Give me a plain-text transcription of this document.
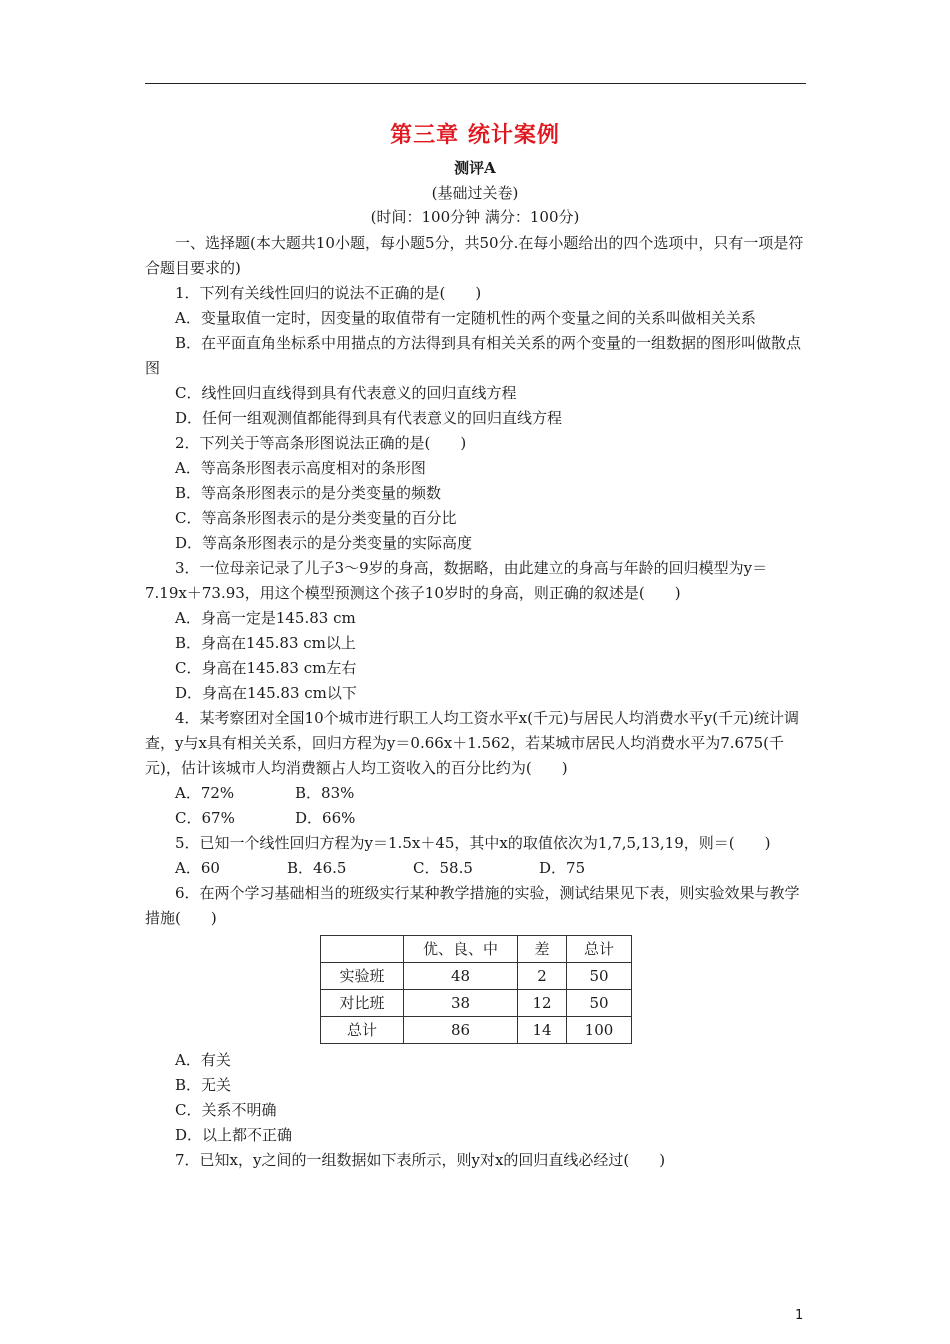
第三章 统计案例
测评A
(基础过关卷)
(时间：100分钟 满分：100分)

一、选择题(本大题共10小题，每小题5分，共50分.在每小题给出的四个选项中，只有一项是符合题目要求的)

1．下列有关线性回归的说法不正确的是(　　)

A．变量取值一定时，因变量的取值带有一定随机性的两个变量之间的关系叫做相关关系

B．在平面直角坐标系中用描点的方法得到具有相关关系的两个变量的一组数据的图形叫做散点图

C．线性回归直线得到具有代表意义的回归直线方程

D．任何一组观测值都能得到具有代表意义的回归直线方程

2．下列关于等高条形图说法正确的是(　　)

A．等高条形图表示高度相对的条形图

B．等高条形图表示的是分类变量的频数

C．等高条形图表示的是分类变量的百分比

D．等高条形图表示的是分类变量的实际高度

3．一位母亲记录了儿子3～9岁的身高，数据略，由此建立的身高与年龄的回归模型为y＝7.19x＋73.93，用这个模型预测这个孩子10岁时的身高，则正确的叙述是(　　)

A．身高一定是145.83 cm

B．身高在145.83 cm以上

C．身高在145.83 cm左右

D．身高在145.83 cm以下

4．某考察团对全国10个城市进行职工人均工资水平x(千元)与居民人均消费水平y(千元)统计调查，y与x具有相关关系，回归方程为y＝0.66x＋1.562，若某城市居民人均消费水平为7.675(千元)，估计该城市人均消费额占人均工资收入的百分比约为(　　)

A．72%	B．83%
C．67%	D．66%

5．已知一个线性回归方程为y＝1.5x＋45，其中x的取值依次为1,7,5,13,19，则＝(　　)

A．60	B．46.5	C．58.5	D．75

6．在两个学习基础相当的班级实行某种教学措施的实验，测试结果见下表，则实验效果与教学措施(　　)

	优、良、中	差	总计
实验班	48	2	50
对比班	38	12	50
总计	86	14	100

A．有关

B．无关

C．关系不明确

D．以上都不正确

7．已知x，y之间的一组数据如下表所示，则y对x的回归直线必经过(　　)

1
